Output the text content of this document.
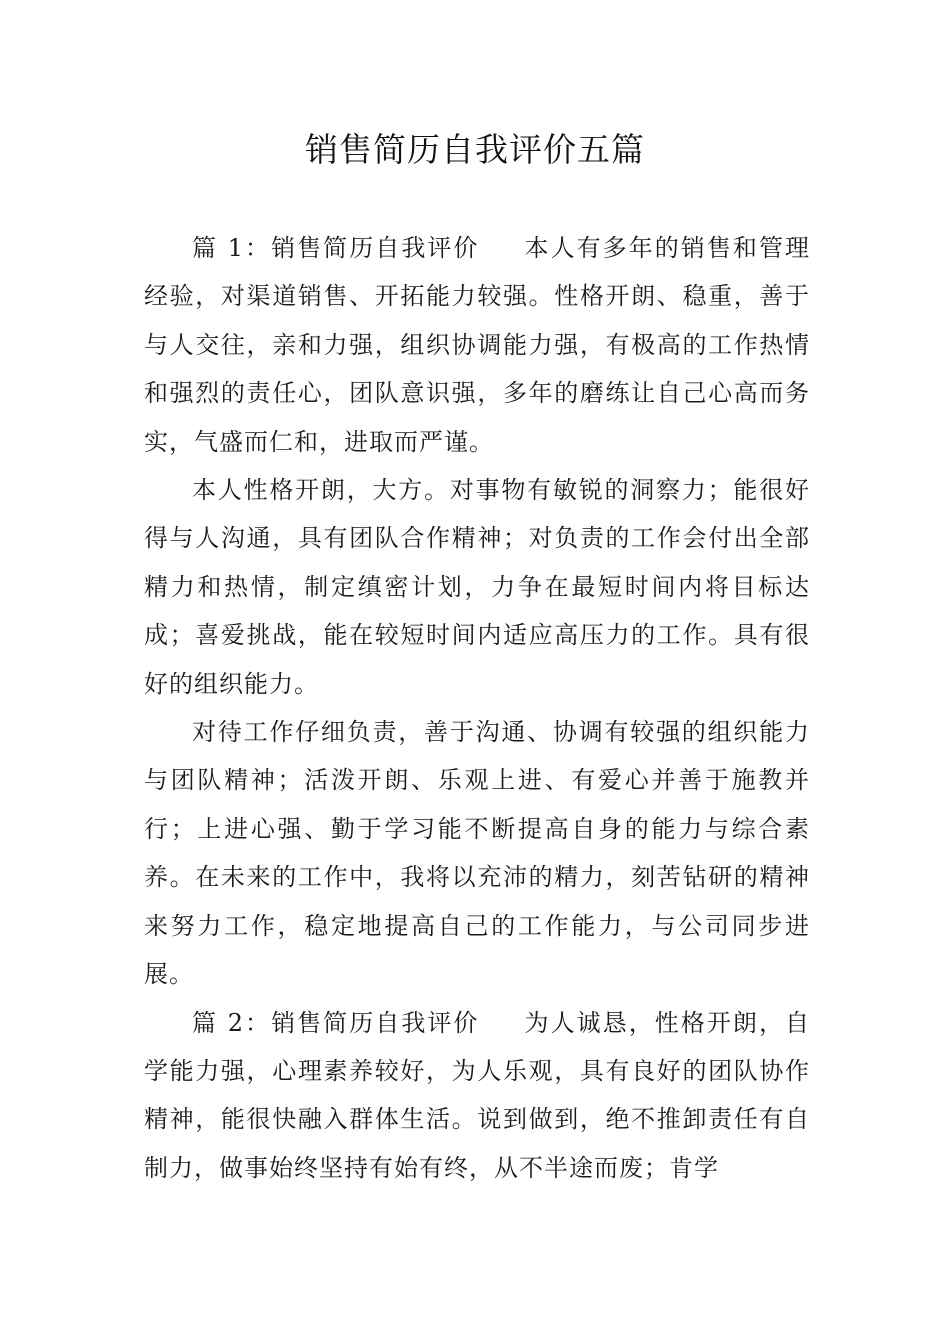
销售简历自我评价五篇

篇 1：销售简历自我评价 本人有多年的销售和管理经验，对渠道销售、开拓能力较强。性格开朗、稳重，善于与人交往，亲和力强，组织协调能力强，有极高的工作热情和强烈的责任心，团队意识强，多年的磨练让自己心高而务实，气盛而仁和，进取而严谨。

本人性格开朗，大方。对事物有敏锐的洞察力；能很好得与人沟通，具有团队合作精神；对负责的工作会付出全部精力和热情，制定缜密计划，力争在最短时间内将目标达成；喜爱挑战，能在较短时间内适应高压力的工作。具有很好的组织能力。

对待工作仔细负责，善于沟通、协调有较强的组织能力与团队精神；活泼开朗、乐观上进、有爱心并善于施教并行；上进心强、勤于学习能不断提高自身的能力与综合素养。在未来的工作中，我将以充沛的精力，刻苦钻研的精神来努力工作，稳定地提高自己的工作能力，与公司同步进展。

篇 2：销售简历自我评价 为人诚恳，性格开朗，自学能力强，心理素养较好，为人乐观，具有良好的团队协作精神，能很快融入群体生活。说到做到，绝不推卸责任有自制力，做事始终坚持有始有终，从不半途而废；肯学
